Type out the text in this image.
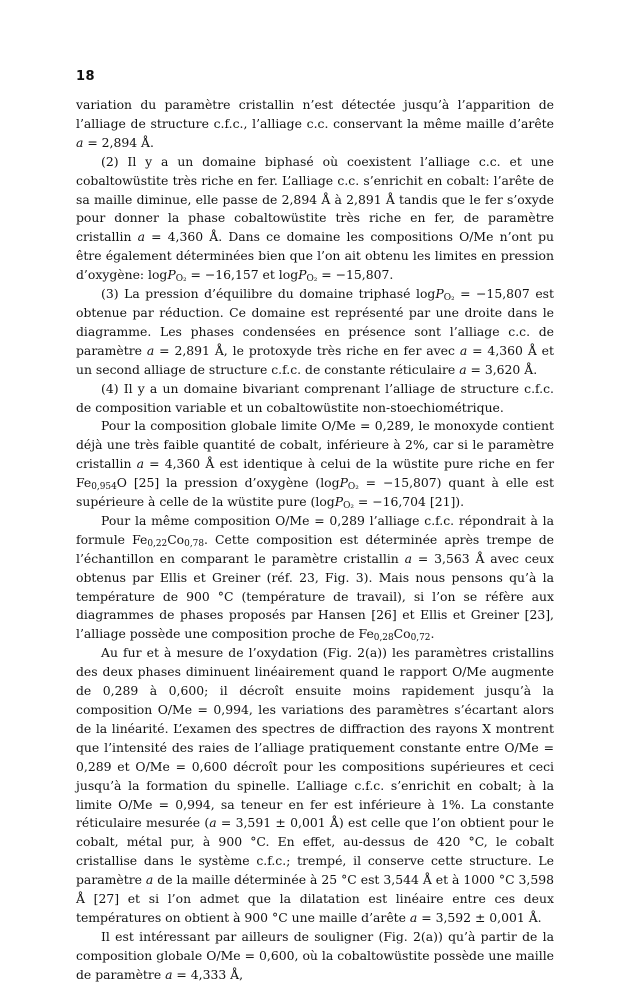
18

variation du paramètre cristallin n’est détectée jusqu’à l’apparition de l’alliage de structure c.f.c., l’alliage c.c. conservant la même maille d’arête a = 2,894 Å.

(2) Il y a un domaine biphasé où coexistent l’alliage c.c. et une cobaltowüstite très riche en fer. L’alliage c.c. s’enrichit en cobalt: l’arête de sa maille diminue, elle passe de 2,894 Å à 2,891 Å tandis que le fer s’oxyde pour donner la phase cobaltowüstite très riche en fer, de paramètre cristallin a = 4,360 Å. Dans ce domaine les compositions O/Me n’ont pu être également déterminées bien que l’on ait obtenu les limites en pression d’oxygène: logP$_{O_2}$ = −16,157 et logP$_{O_2}$ = −15,807.

(3) La pression d’équilibre du domaine triphasé logP$_{O_2}$ = −15,807 est obtenue par réduction. Ce domaine est représenté par une droite dans le diagramme. Les phases condensées en présence sont l’alliage c.c. de paramètre a = 2,891 Å, le protoxyde très riche en fer avec a = 4,360 Å et un second alliage de structure c.f.c. de constante réticulaire a = 3,620 Å.

(4) Il y a un domaine bivariant comprenant l’alliage de structure c.f.c. de composition variable et un cobaltowüstite non-stoechiométrique.

Pour la composition globale limite O/Me = 0,289, le monoxyde contient déjà une très faible quantité de cobalt, inférieure à 2%, car si le paramètre cristallin a = 4,360 Å est identique à celui de la wüstite pure riche en fer $Fe_{0,954}O$ [25] la pression d’oxygène (logP$_{O_2}$ = −15,807) quant à elle est supérieure à celle de la wüstite pure (logP$_{O_2}$ = −16,704 [21]).

Pour la même composition O/Me = 0,289 l’alliage c.f.c. répondrait à la formule $Fe_{0,22}Co_{0,78}$. Cette composition est déterminée après trempe de l’échantillon en comparant le paramètre cristallin a = 3,563 Å avec ceux obtenus par Ellis et Greiner (réf. 23, Fig. 3). Mais nous pensons qu’à la température de 900 °C (température de travail), si l’on se réfère aux diagrammes de phases proposés par Hansen [26] et Ellis et Greiner [23], l’alliage possède une composition proche de $Fe_{0,28}Co_{0,72}$.

Au fur et à mesure de l’oxydation (Fig. 2(a)) les paramètres cristallins des deux phases diminuent linéairement quand le rapport O/Me augmente de 0,289 à 0,600; il décroît ensuite moins rapidement jusqu’à la composition O/Me = 0,994, les variations des paramètres s’écartant alors de la linéarité. L’examen des spectres de diffraction des rayons X montrent que l’intensité des raies de l’alliage pratiquement constante entre O/Me = 0,289 et O/Me = 0,600 décroît pour les compositions supérieures et ceci jusqu’à la formation du spinelle. L’alliage c.f.c. s’enrichit en cobalt; à la limite O/Me = 0,994, sa teneur en fer est inférieure à 1%. La constante réticulaire mesurée (a = 3,591 ± 0,001 Å) est celle que l’on obtient pour le cobalt, métal pur, à 900 °C. En effet, au-dessus de 420 °C, le cobalt cristallise dans le système c.f.c.; trempé, il conserve cette structure. Le paramètre a de la maille déterminée à 25 °C est 3,544 Å et à 1000 °C 3,598 Å [27] et si l’on admet que la dilatation est linéaire entre ces deux températures on obtient à 900 °C une maille d’arête a = 3,592 ± 0,001 Å.

Il est intéressant par ailleurs de souligner (Fig. 2(a)) qu’à partir de la composition globale O/Me = 0,600, où la cobaltowüstite possède une maille de paramètre a = 4,333 Å,
